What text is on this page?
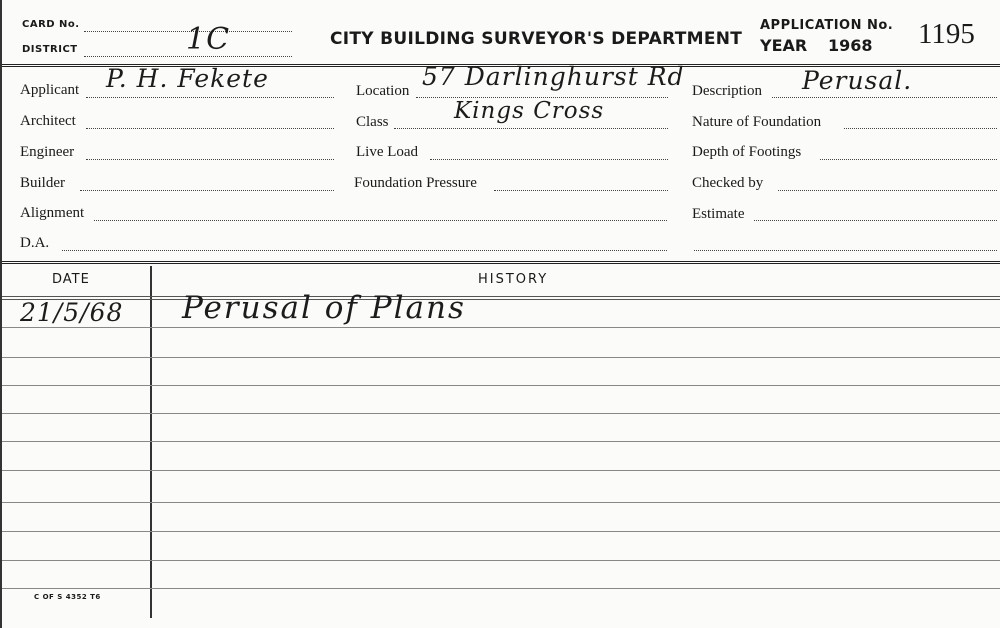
CARD No.
DISTRICT	1C	CITY BUILDING SURVEYOR'S DEPARTMENT
APPLICATION No.
YEAR 1968 1195
Applicant P. H. Fekete
Architect
Engineer
Builder
Alignment
D.A.
Location 57 Darlinghurst Rd
Class	Kings Cross
Live Load
Foundation Pressure
Description Perusal.
Nature of Foundation
Depth of Footings
Checked by
Estimate
DATE	HISTORY
21/5/68 Perusal of Plans
C OF S 4352 T6
